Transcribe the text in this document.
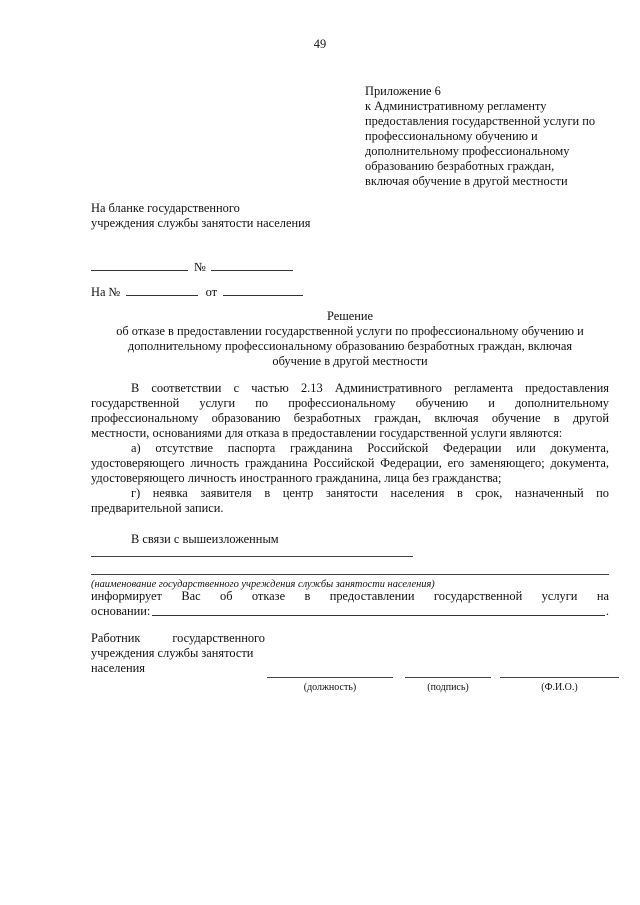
49
Приложение 6
к Административному регламенту
предоставления государственной услуги по
профессиональному обучению и
дополнительному профессиональному
образованию безработных граждан,
включая обучение в другой местности
На бланке государственного
учреждения службы занятости населения
№
На №	от
Решение
об отказе в предоставлении государственной услуги по профессиональному обучению и
дополнительному профессиональному образованию безработных граждан, включая
обучение в другой местности
В соответствии с частью 2.13 Административного регламента предоставления
государственной услуги по профессиональному обучению и дополнительному
профессиональному образованию безработных граждан, включая обучение в другой
местности, основаниями для отказа в предоставлении государственной услуги являются:
а) отсутствие паспорта гражданина Российской Федерации или документа,
удостоверяющего личность гражданина Российской Федерации, его заменяющего; документа,
удостоверяющего личность иностранного гражданина, лица без гражданства;
г) неявка заявителя в центр занятости населения в срок, назначенный по
предварительной записи.
В связи с вышеизложенным
(наименование государственного учреждения службы занятости населения)
информирует Вас об отказе в предоставлении государственной услуги на
основании:	.
Работник государственного
учреждения службы занятости
населения
(должность)	(подпись)	(Ф.И.О.)
